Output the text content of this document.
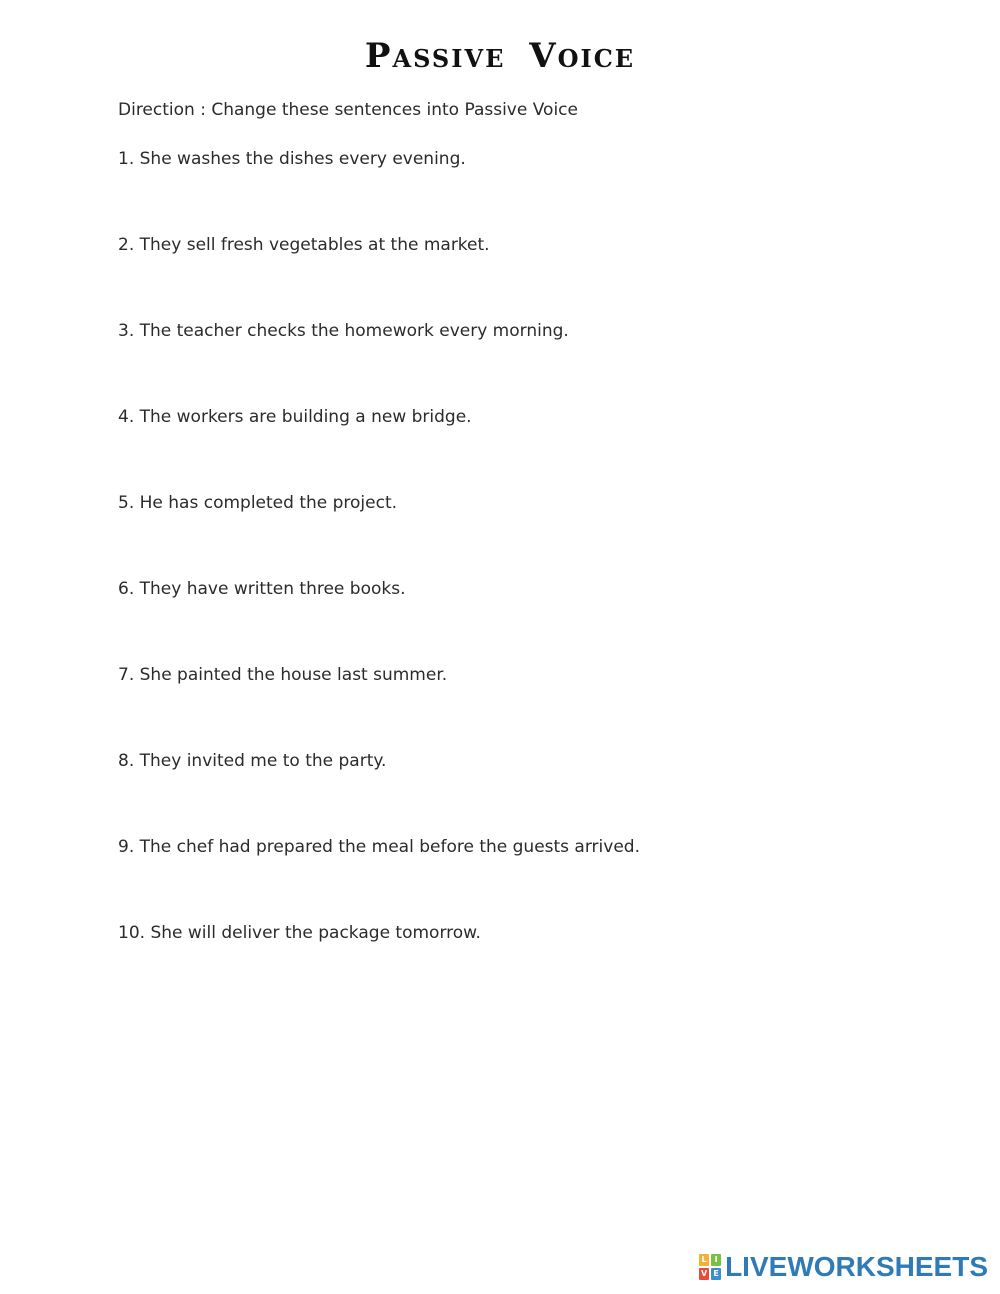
Passive Voice
Direction : Change these sentences into Passive Voice
1. She washes the dishes every evening.
2. They sell fresh vegetables at the market.
3. The teacher checks the homework every morning.
4. The workers are building a new bridge.
5. He has completed the project.
6. They have written three books.
7. She painted the house last summer.
8. They invited me to the party.
9. The chef had prepared the meal before the guests arrived.
10. She will deliver the package tomorrow.
L I
V E LIVEWORKSHEETS
